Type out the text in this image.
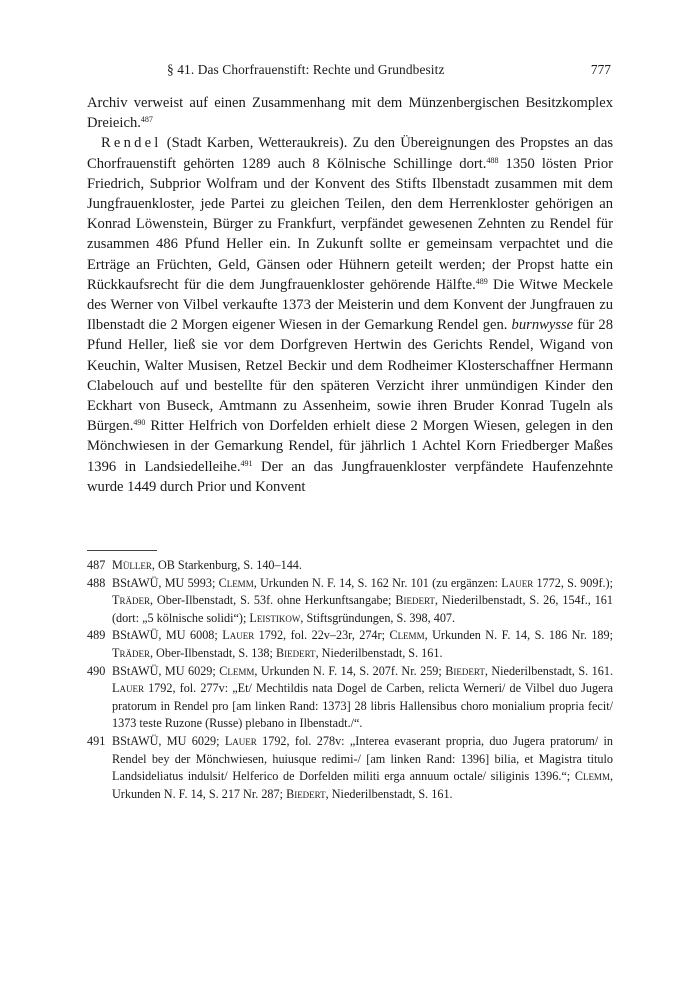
§ 41. Das Chorfrauenstift: Rechte und Grundbesitz	777

Archiv verweist auf einen Zusammenhang mit dem Münzenbergischen Besitzkomplex Dreieich.$^{487}$

Rendel (Stadt Karben, Wetteraukreis). Zu den Übereignungen des Propstes an das Chorfrauenstift gehörten 1289 auch 8 Kölnische Schillinge dort.$^{488}$ 1350 lösten Prior Friedrich, Subprior Wolfram und der Konvent des Stifts Ilbenstadt zusammen mit dem Jungfrauenkloster, jede Partei zu gleichen Teilen, den dem Herrenkloster gehörigen an Konrad Löwenstein, Bürger zu Frankfurt, verpfändet gewesenen Zehnten zu Rendel für zusammen 486 Pfund Heller ein. In Zukunft sollte er gemeinsam verpachtet und die Erträge an Früchten, Geld, Gänsen oder Hühnern geteilt werden; der Propst hatte ein Rückkaufsrecht für die dem Jungfrauenkloster gehörende Hälfte.$^{489}$ Die Witwe Meckele des Werner von Vilbel verkaufte 1373 der Meisterin und dem Konvent der Jungfrauen zu Ilbenstadt die 2 Morgen eigener Wiesen in der Gemarkung Rendel gen. burnwysse für 28 Pfund Heller, ließ sie vor dem Dorfgreven Hertwin des Gerichts Rendel, Wigand von Keuchin, Walter Musisen, Retzel Beckir und dem Rodheimer Klosterschaffner Hermann Clabelouch auf und bestellte für den späteren Verzicht ihrer unmündigen Kinder den Eckhart von Buseck, Amtmann zu Assenheim, sowie ihren Bruder Konrad Tugeln als Bürgen.$^{490}$ Ritter Helfrich von Dorfelden erhielt diese 2 Morgen Wiesen, gelegen in den Mönchwiesen in der Gemarkung Rendel, für jährlich 1 Achtel Korn Friedberger Maßes 1396 in Landsiedelleihe.$^{491}$ Der an das Jungfrauenkloster verpfändete Haufenzehnte wurde 1449 durch Prior und Konvent

487 Müller, OB Starkenburg, S. 140–144.

488 BStAWÜ, MU 5993; Clemm, Urkunden N. F. 14, S. 162 Nr. 101 (zu ergänzen: Lauer 1772, S. 909f.); Träder, Ober-Ilbenstadt, S. 53f. ohne Herkunftsangabe; Biedert, Niederilbenstadt, S. 26, 154f., 161 (dort: „5 kölnische solidi“); Leistikow, Stiftsgründungen, S. 398, 407.

489 BStAWÜ, MU 6008; Lauer 1792, fol. 22v–23r, 274r; Clemm, Urkunden N. F. 14, S. 186 Nr. 189; Träder, Ober-Ilbenstadt, S. 138; Biedert, Niederilbenstadt, S. 161.

490 BStAWÜ, MU 6029; Clemm, Urkunden N. F. 14, S. 207f. Nr. 259; Biedert, Niederilbenstadt, S. 161. Lauer 1792, fol. 277v: „Et/ Mechtildis nata Dogel de Carben, relicta Werneri/ de Vilbel duo Jugera pratorum in Rendel pro [am linken Rand: 1373] 28 libris Hallensibus choro monialium propria fecit/ 1373 teste Ruzone (Russe) plebano in Ilbenstadt./“.

491 BStAWÜ, MU 6029; Lauer 1792, fol. 278v: „Interea evaserant propria, duo Jugera pratorum/ in Rendel bey der Mönchwiesen, huiusque redimi-/ [am linken Rand: 1396] bilia, et Magistra titulo Landsideliatus indulsit/ Helferico de Dorfelden militi erga annuum octale/ siliginis 1396.“; Clemm, Urkunden N. F. 14, S. 217 Nr. 287; Biedert, Niederilbenstadt, S. 161.
